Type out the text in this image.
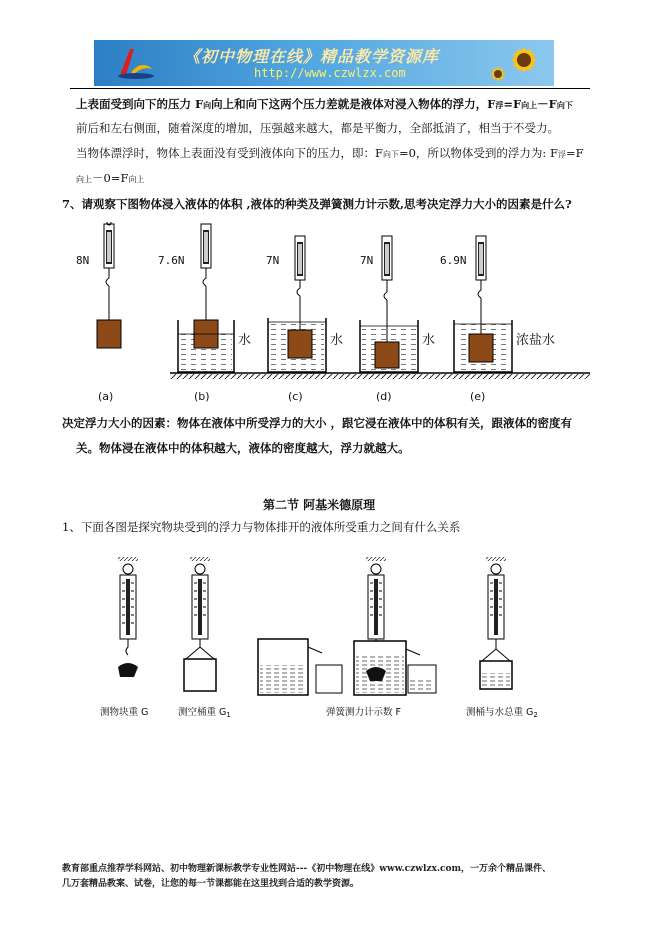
《初中物理在线》精品教学资源库
http://www.czwlzx.com
上表面受到向下的压力 F向向上和向下这两个压力差就是液体对浸入物体的浮力，F浮=F向上－F向下
前后和左右侧面，随着深度的增加，压强越来越大，都是平衡力，全部抵消了，相当于不受力。
当物体漂浮时，物体上表面没有受到液体向下的压力，即：F向下=0，所以物体受到的浮力为: F浮=F
向上－0=F向上
7、请观察下图物体浸入液体的体积 ,液体的种类及弹簧测力计示数,思考决定浮力大小的因素是什么?
8N	7.6N	7N	7N	6.9N
水	水	水	浓盐水
(a)	(b)	(c)	(d)	(e)
决定浮力大小的因素：物体在液体中所受浮力的大小 ，跟它浸在液体中的体积有关，跟液体的密度有
关。物体浸在液体中的体积越大，液体的密度越大，浮力就越大。
第二节 阿基米德原理
1、下面各图是探究物块受到的浮力与物体排开的液体所受重力之间有什么关系
测物块重 G	测空桶重 $G_1$	弹簧测力计示数 F	测桶与水总重 $G_2$
教育部重点推荐学科网站、初中物理新课标教学专业性网站---《初中物理在线》www.czwlzx.com，一万余个精品课件、
几万套精品教案、试卷，让您的每一节课都能在这里找到合适的教学资源。
